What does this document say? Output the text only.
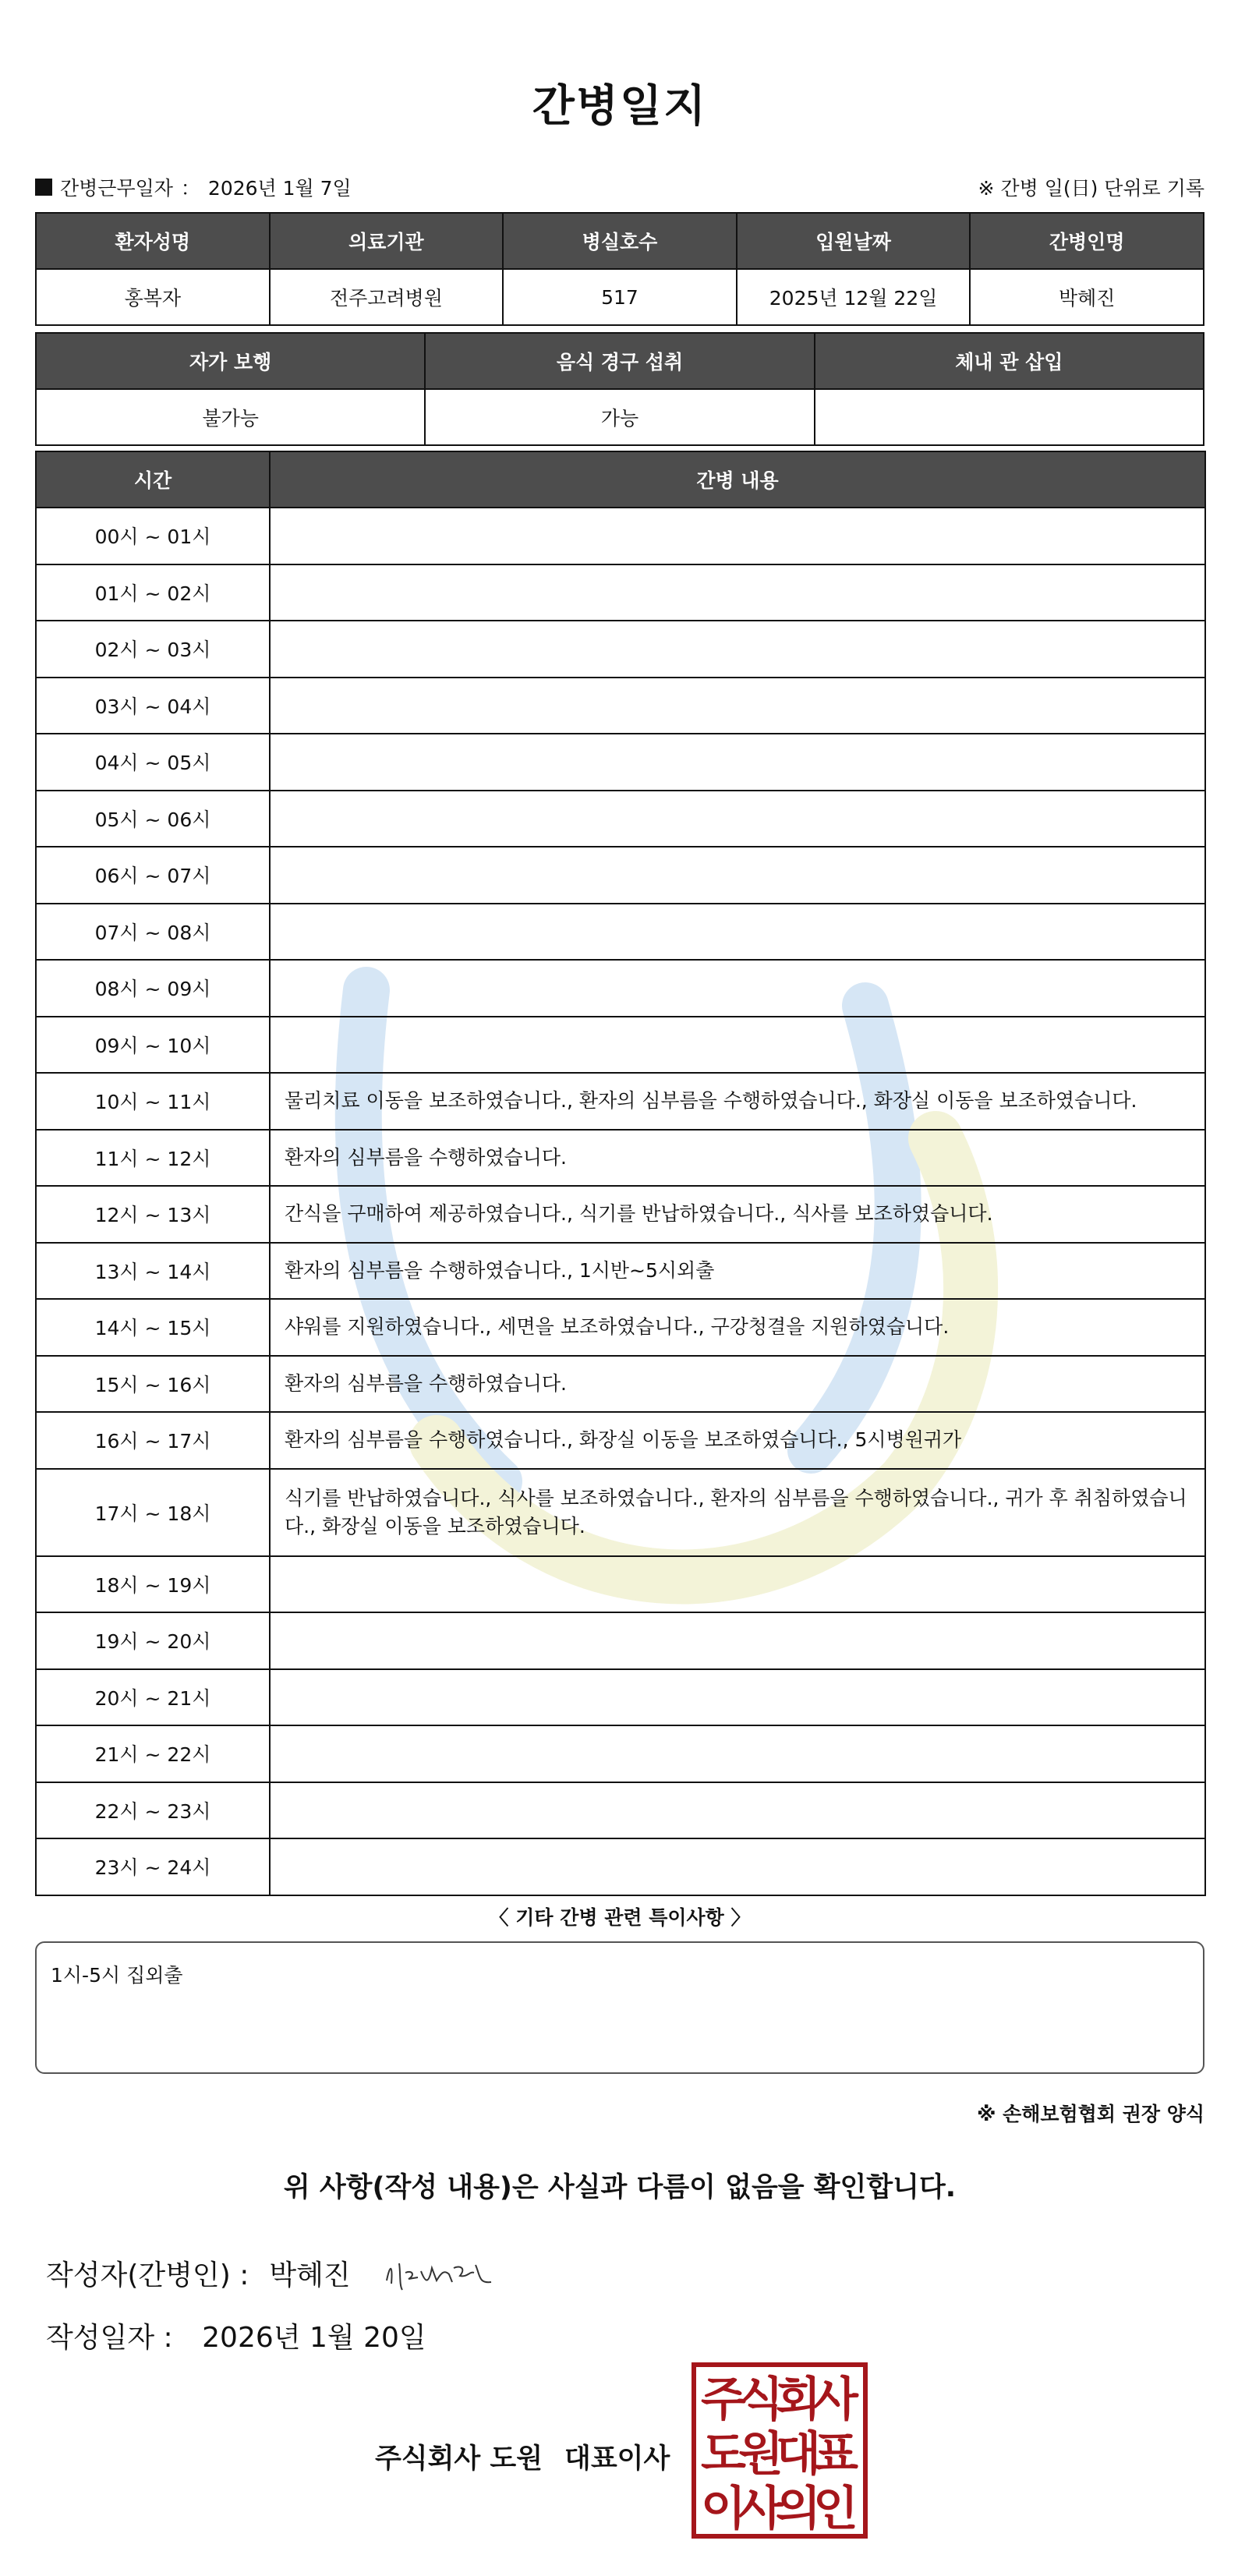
간병일지
간병근무일자 ： 2026년 1월 7일	※ 간병 일(日) 단위로 기록
환자성명	의료기관	병실호수	입원날짜	간병인명
홍복자	전주고려병원	517	2025년 12월 22일	박혜진
자가 보행	음식 경구 섭취	체내 관 삽입
불가능	가능	
시간	간병 내용
00시 ~ 01시	
01시 ~ 02시	
02시 ~ 03시	
03시 ~ 04시	
04시 ~ 05시	
05시 ~ 06시	
06시 ~ 07시	
07시 ~ 08시	
08시 ~ 09시	
09시 ~ 10시	
10시 ~ 11시	물리치료 이동을 보조하였습니다., 환자의 심부름을 수행하였습니다., 화장실 이동을 보조하였습니다.
11시 ~ 12시	환자의 심부름을 수행하였습니다.
12시 ~ 13시	간식을 구매하여 제공하였습니다., 식기를 반납하였습니다., 식사를 보조하였습니다.
13시 ~ 14시	환자의 심부름을 수행하였습니다., 1시반~5시외출
14시 ~ 15시	샤워를 지원하였습니다., 세면을 보조하였습니다., 구강청결을 지원하였습니다.
15시 ~ 16시	환자의 심부름을 수행하였습니다.
16시 ~ 17시	환자의 심부름을 수행하였습니다., 화장실 이동을 보조하였습니다., 5시병원귀가
17시 ~ 18시	식기를 반납하였습니다., 식사를 보조하였습니다., 환자의 심부름을 수행하였습니다., 귀가 후 취침하였습니다., 화장실 이동을 보조하였습니다.
18시 ~ 19시	
19시 ~ 20시	
20시 ~ 21시	
21시 ~ 22시	
22시 ~ 23시	
23시 ~ 24시	
〈 기타 간병 관련 특이사항 〉
1시-5시 집외출
※ 손해보험협회 권장 양식
위 사항(작성 내용)은 사실과 다름이 없음을 확인합니다.
작성자(간병인) : 박혜진
작성일자 : 2026년 1월 20일
주식회사 도원 대표이사
주
식
회
사
도
원
대
표
이
사
의
인
